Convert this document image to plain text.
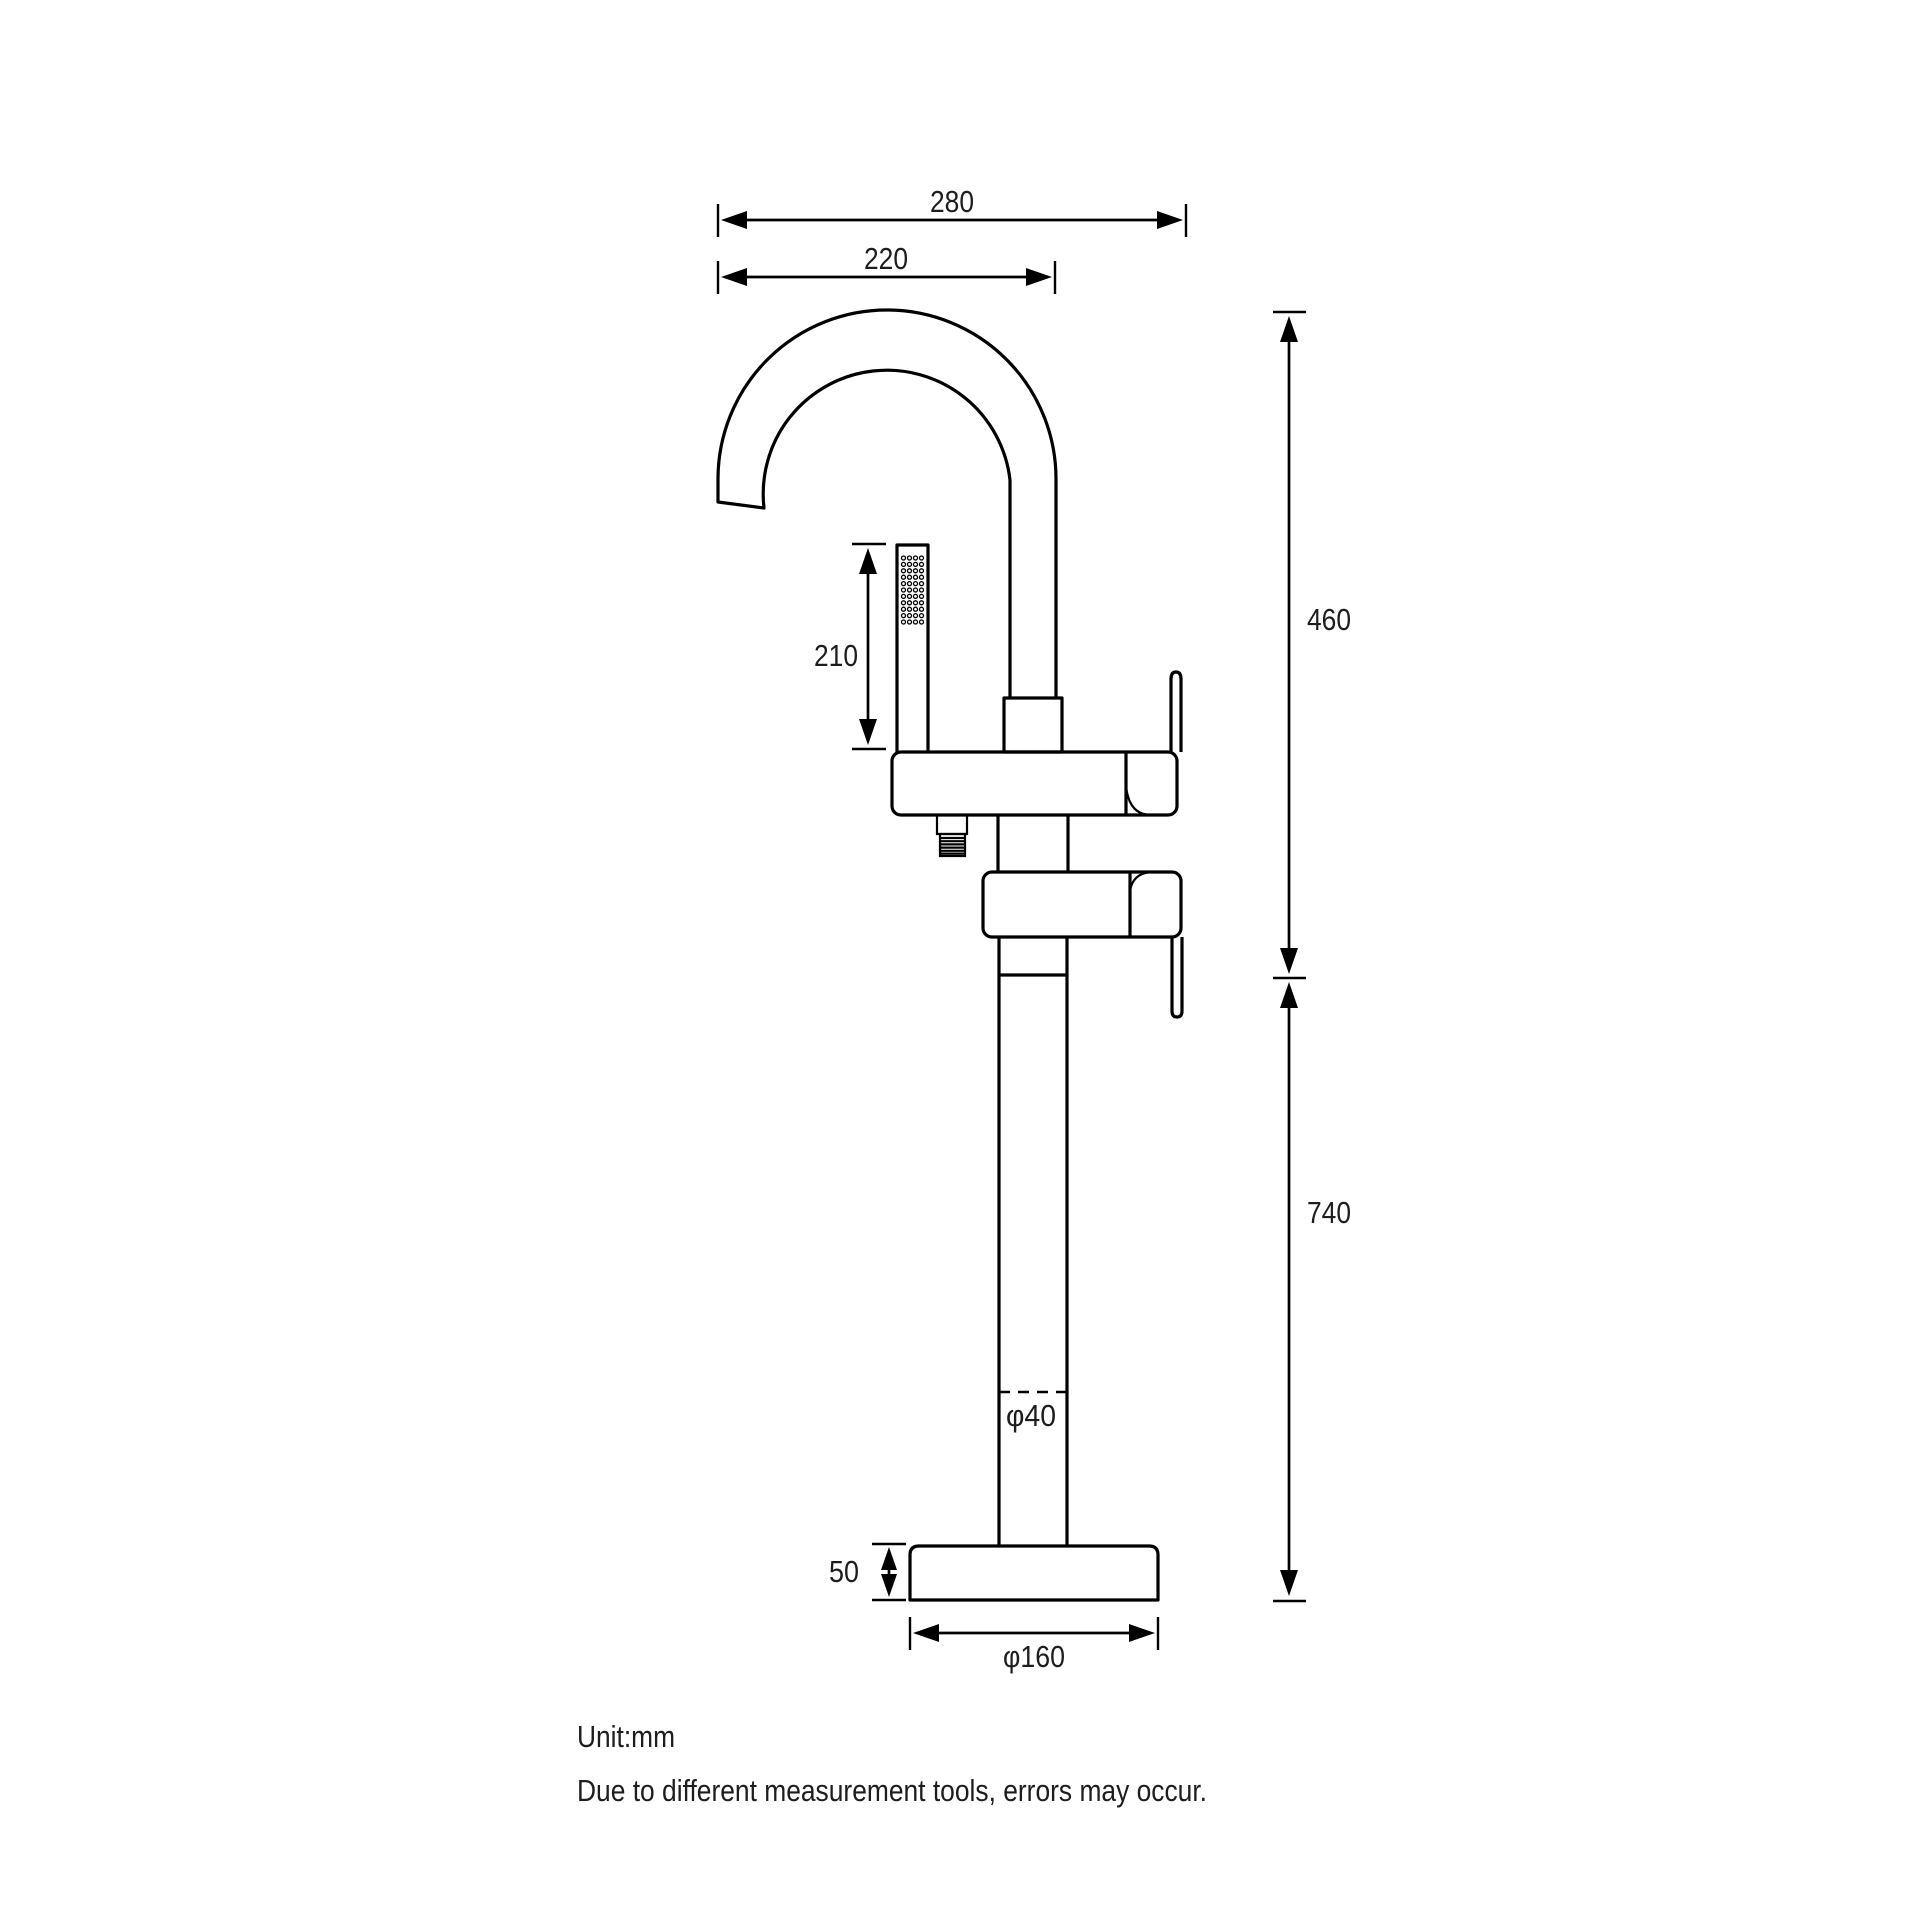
280
220
460
740
210
φ40
50
φ160
Unit:mm
Due to different measurement tools, errors may occur.
